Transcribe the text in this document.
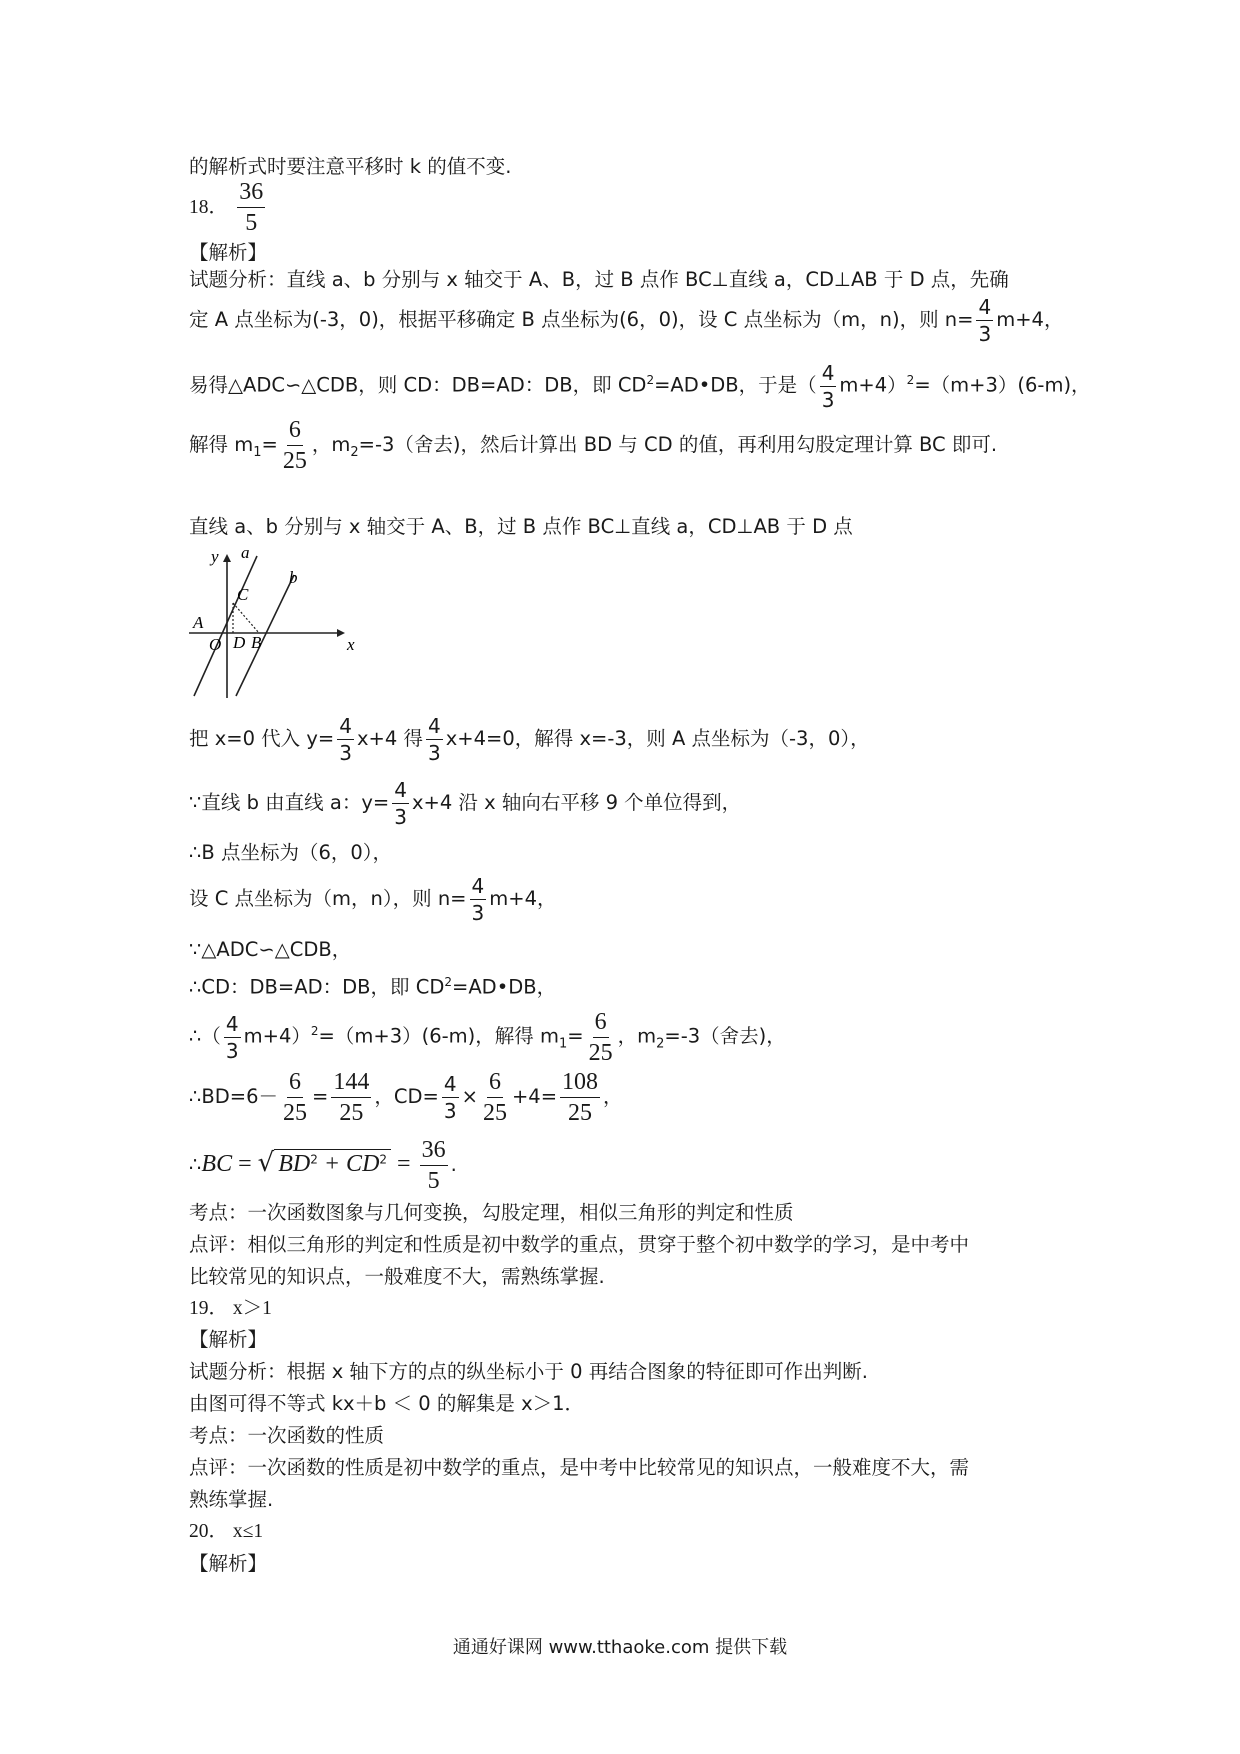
的解析式时要注意平移时 k 的值不变.
18． $\frac{36}{5}$
【解析】
试题分析：直线 a、b 分别与 x 轴交于 A、B，过 B 点作 BC⊥直线 a，CD⊥AB 于 D 点，先确
定 A 点坐标为(-3，0)，根据平移确定 B 点坐标为(6，0)，设 C 点坐标为（m，n)，则 $n= \frac{4}{3} m+4$，
易得△ADC∽△CDB，则 CD：DB=AD：DB，即 $CD^2=AD•DB$，于是（ $\frac{4}{3} m+4)^2=(m+3)(6-m)$，
解得 $m_1= \frac{6}{25}$ ，$m_2=-3$（舍去)，然后计算出 BD 与 CD 的值，再利用勾股定理计算 BC 即可.
直线 a、b 分别与 x 轴交于 A、B，过 B 点作 BC⊥直线 a，CD⊥AB 于 D 点
y a
b
C
A
O D B	x
把 x=0 代入 $y= \frac{4}{3} x+4$ 得 $\frac{4}{3} x+4=0$，解得 x=-3，则 A 点坐标为（-3，0），
∵直线 b 由直线 a：$y= \frac{4}{3} x+4$ 沿 x 轴向右平移 9 个单位得到，
∴B 点坐标为（6，0），
设 C 点坐标为（m，n），则 $n= \frac{4}{3} m+4$，
∵△ADC∽△CDB，
∴CD：DB=AD：DB，即 $CD^2=AD•DB$，
∴（ $\frac{4}{3} m+4)^2=(m+3)(6-m)$，解得 $m_1= \frac{6}{25}$ ，$m_2=-3$（舍去)，
∴BD=6－ $\frac{6}{25} = \frac{144}{25}$ ，$CD= \frac{4}{3} \times \frac{6}{25} +4= \frac{108}{25}$ ，
∴BC = √ $BD^2 + CD^2 = \frac{36}{5}$ .
考点：一次函数图象与几何变换，勾股定理，相似三角形的判定和性质
点评：相似三角形的判定和性质是初中数学的重点，贯穿于整个初中数学的学习，是中考中
比较常见的知识点，一般难度不大，需熟练掌握.
19． x＞1
【解析】
试题分析：根据 x 轴下方的点的纵坐标小于 0 再结合图象的特征即可作出判断.
由图可得不等式 kx＋b ＜ 0 的解集是 x＞1．
考点：一次函数的性质
点评：一次函数的性质是初中数学的重点，是中考中比较常见的知识点，一般难度不大，需
熟练掌握.
20． x≤1
【解析】
通通好课网 www.tthaoke.com 提供下载
